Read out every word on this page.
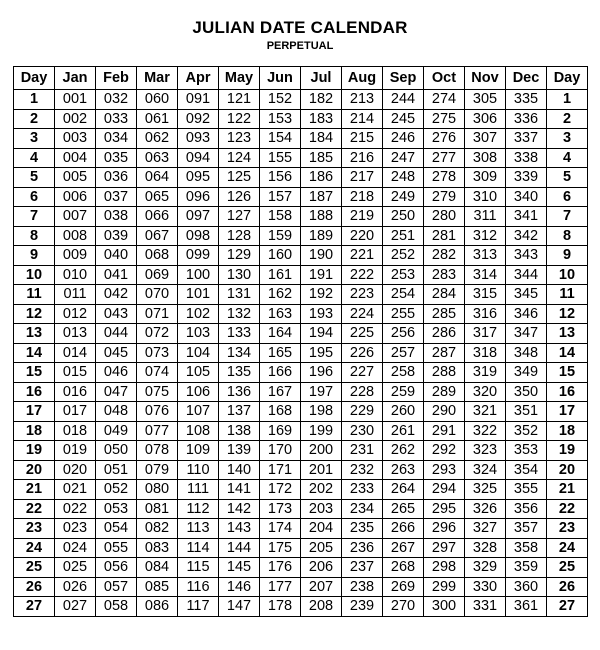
JULIAN DATE CALENDAR
PERPETUAL
Day	Jan	Feb	Mar	Apr	May	Jun	Jul	Aug	Sep	Oct	Nov	Dec	Day
1	001	032	060	091	121	152	182	213	244	274	305	335	1
2	002	033	061	092	122	153	183	214	245	275	306	336	2
3	003	034	062	093	123	154	184	215	246	276	307	337	3
4	004	035	063	094	124	155	185	216	247	277	308	338	4
5	005	036	064	095	125	156	186	217	248	278	309	339	5
6	006	037	065	096	126	157	187	218	249	279	310	340	6
7	007	038	066	097	127	158	188	219	250	280	311	341	7
8	008	039	067	098	128	159	189	220	251	281	312	342	8
9	009	040	068	099	129	160	190	221	252	282	313	343	9
10	010	041	069	100	130	161	191	222	253	283	314	344	10
11	011	042	070	101	131	162	192	223	254	284	315	345	11
12	012	043	071	102	132	163	193	224	255	285	316	346	12
13	013	044	072	103	133	164	194	225	256	286	317	347	13
14	014	045	073	104	134	165	195	226	257	287	318	348	14
15	015	046	074	105	135	166	196	227	258	288	319	349	15
16	016	047	075	106	136	167	197	228	259	289	320	350	16
17	017	048	076	107	137	168	198	229	260	290	321	351	17
18	018	049	077	108	138	169	199	230	261	291	322	352	18
19	019	050	078	109	139	170	200	231	262	292	323	353	19
20	020	051	079	110	140	171	201	232	263	293	324	354	20
21	021	052	080	111	141	172	202	233	264	294	325	355	21
22	022	053	081	112	142	173	203	234	265	295	326	356	22
23	023	054	082	113	143	174	204	235	266	296	327	357	23
24	024	055	083	114	144	175	205	236	267	297	328	358	24
25	025	056	084	115	145	176	206	237	268	298	329	359	25
26	026	057	085	116	146	177	207	238	269	299	330	360	26
27	027	058	086	117	147	178	208	239	270	300	331	361	27
